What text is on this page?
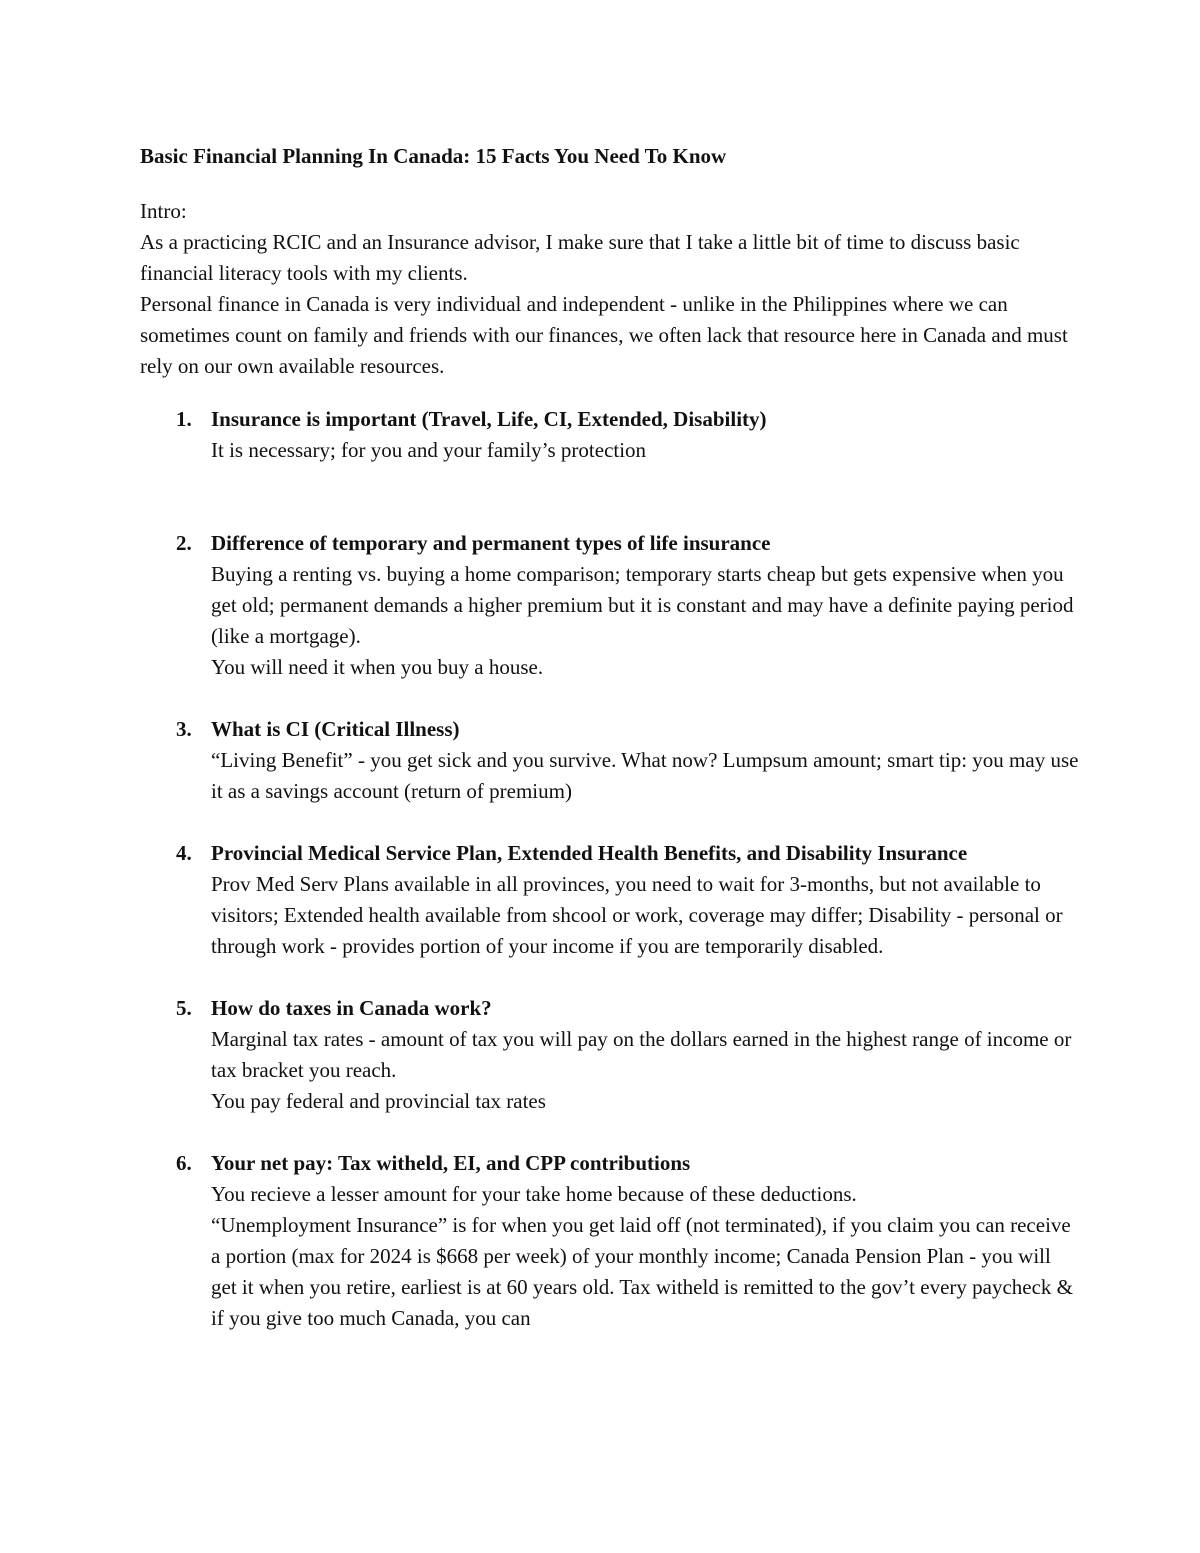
Basic Financial Planning In Canada: 15 Facts You Need To Know

Intro:

As a practicing RCIC and an Insurance advisor, I make sure that I take a little bit of time to discuss basic financial literacy tools with my clients.

Personal finance in Canada is very individual and independent - unlike in the Philippines where we can sometimes count on family and friends with our finances, we often lack that resource here in Canada and must rely on our own available resources.

1. Insurance is important (Travel, Life, CI, Extended, Disability)
It is necessary; for you and your family’s protection
2. Difference of temporary and permanent types of life insurance
Buying a renting vs. buying a home comparison; temporary starts cheap but gets expensive when you get old; permanent demands a higher premium but it is constant and may have a definite paying period (like a mortgage).
You will need it when you buy a house.
3. What is CI (Critical Illness)
“Living Benefit” - you get sick and you survive. What now? Lumpsum amount; smart tip: you may use it as a savings account (return of premium)
4. Provincial Medical Service Plan, Extended Health Benefits, and Disability Insurance
Prov Med Serv Plans available in all provinces, you need to wait for 3-months, but not available to visitors; Extended health available from shcool or work, coverage may differ; Disability - personal or through work - provides portion of your income if you are temporarily disabled.
5. How do taxes in Canada work?
Marginal tax rates - amount of tax you will pay on the dollars earned in the highest range of income or tax bracket you reach.
You pay federal and provincial tax rates
6. Your net pay: Tax witheld, EI, and CPP contributions
You recieve a lesser amount for your take home because of these deductions.
“Unemployment Insurance” is for when you get laid off (not terminated), if you claim you can receive a portion (max for 2024 is $668 per week) of your monthly income; Canada Pension Plan - you will get it when you retire, earliest is at 60 years old. Tax witheld is remitted to the gov’t every paycheck & if you give too much Canada, you can
